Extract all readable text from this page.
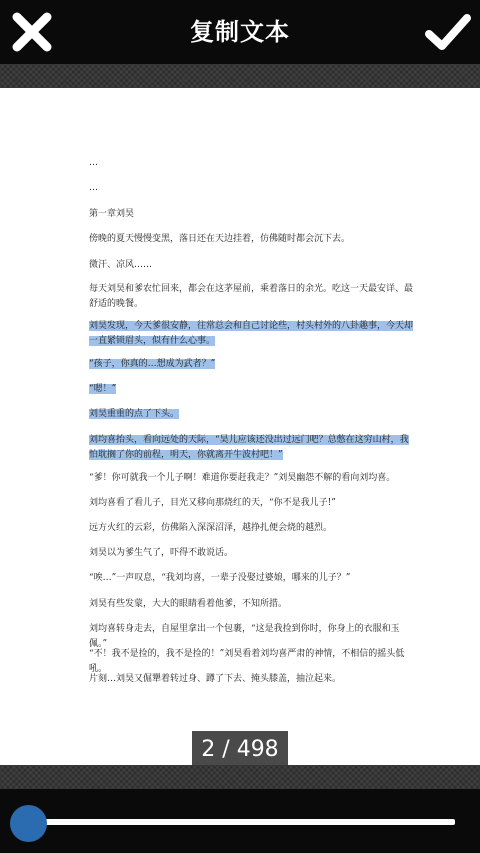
复制文本
…
…
第一章刘昊
傍晚的夏天慢慢变黑，落日还在天边挂着，仿佛随时都会沉下去。
微汗、凉风……
每天刘昊和爹农忙回来，都会在这茅屋前，乘着落日的余光。吃这一天最安详、最舒适的晚餐。
刘昊发现，今天爹很安静，往常总会和自己讨论些，村头村外的八卦趣事，今天却一直紧锁眉头，似有什么心事。
“孩子，你真的…想成为武者？”
“嗯！”
刘昊重重的点了下头。
刘均喜抬头，看向远处的天际，“昊儿应该还没出过远门吧？总憋在这穷山村，我怕耽搁了你的前程，明天，你就离开牛波村吧！”
“爹！你可就我一个儿子啊！难道你要赶我走？”刘昊幽怨不解的看向刘均喜。
刘均喜看了看儿子，目光又移向那烧红的天，“你不是我儿子!”
远方火红的云彩，仿佛陷入深深沼泽，越挣扎便会烧的越烈。
刘昊以为爹生气了，吓得不敢说话。
“唉…”一声叹息，“我刘均喜，一辈子没娶过婆娘，哪来的儿子？”
刘昊有些发蒙，大大的眼睛看着他爹，不知所措。
刘均喜转身走去，自屋里拿出一个包裹，“这是我捡到你时，你身上的衣服和玉佩。”
“不！我不是捡的，我不是捡的！”刘昊看着刘均喜严肃的神情，不相信的摇头低吼。
片刻…刘昊又倔犟着转过身、蹲了下去、掩头膝盖，抽泣起来。
2 / 498
